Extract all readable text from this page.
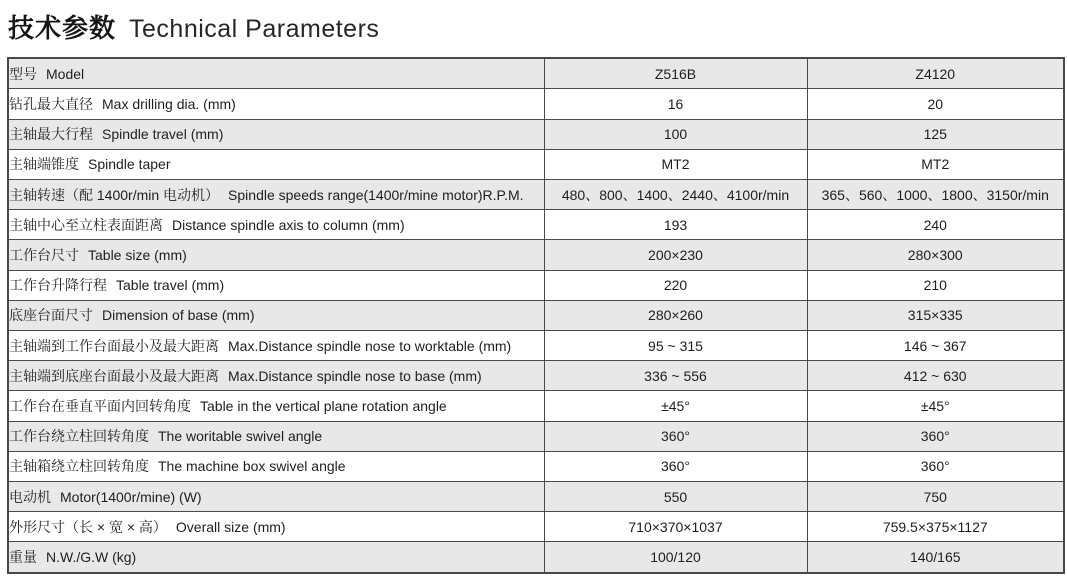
技术参数 Technical Parameters
型号 Model	Z516B	Z4120
钻孔最大直径 Max drilling dia. (mm)	16	20
主轴最大行程 Spindle travel (mm)	100	125
主轴端锥度 Spindle taper	MT2	MT2
主轴转速（配 1400r/min 电动机） Spindle speeds range(1400r/mine motor)R.P.M.	480、800、1400、2440、4100r/min	365、560、1000、1800、3150r/min
主轴中心至立柱表面距离 Distance spindle axis to column (mm)	193	240
工作台尺寸 Table size (mm)	200×230	280×300
工作台升降行程 Table travel (mm)	220	210
底座台面尺寸 Dimension of base (mm)	280×260	315×335
主轴端到工作台面最小及最大距离 Max.Distance spindle nose to worktable (mm)	95 ~ 315	146 ~ 367
主轴端到底座台面最小及最大距离 Max.Distance spindle nose to base (mm)	336 ~ 556	412 ~ 630
工作台在垂直平面内回转角度 Table in the vertical plane rotation angle	±45°	±45°
工作台绕立柱回转角度 The woritable swivel angle	360°	360°
主轴箱绕立柱回转角度 The machine box swivel angle	360°	360°
电动机 Motor(1400r/mine) (W)	550	750
外形尺寸（长 × 宽 × 高） Overall size (mm)	710×370×1037	759.5×375×1127
重量 N.W./G.W (kg)	100/120	140/165
